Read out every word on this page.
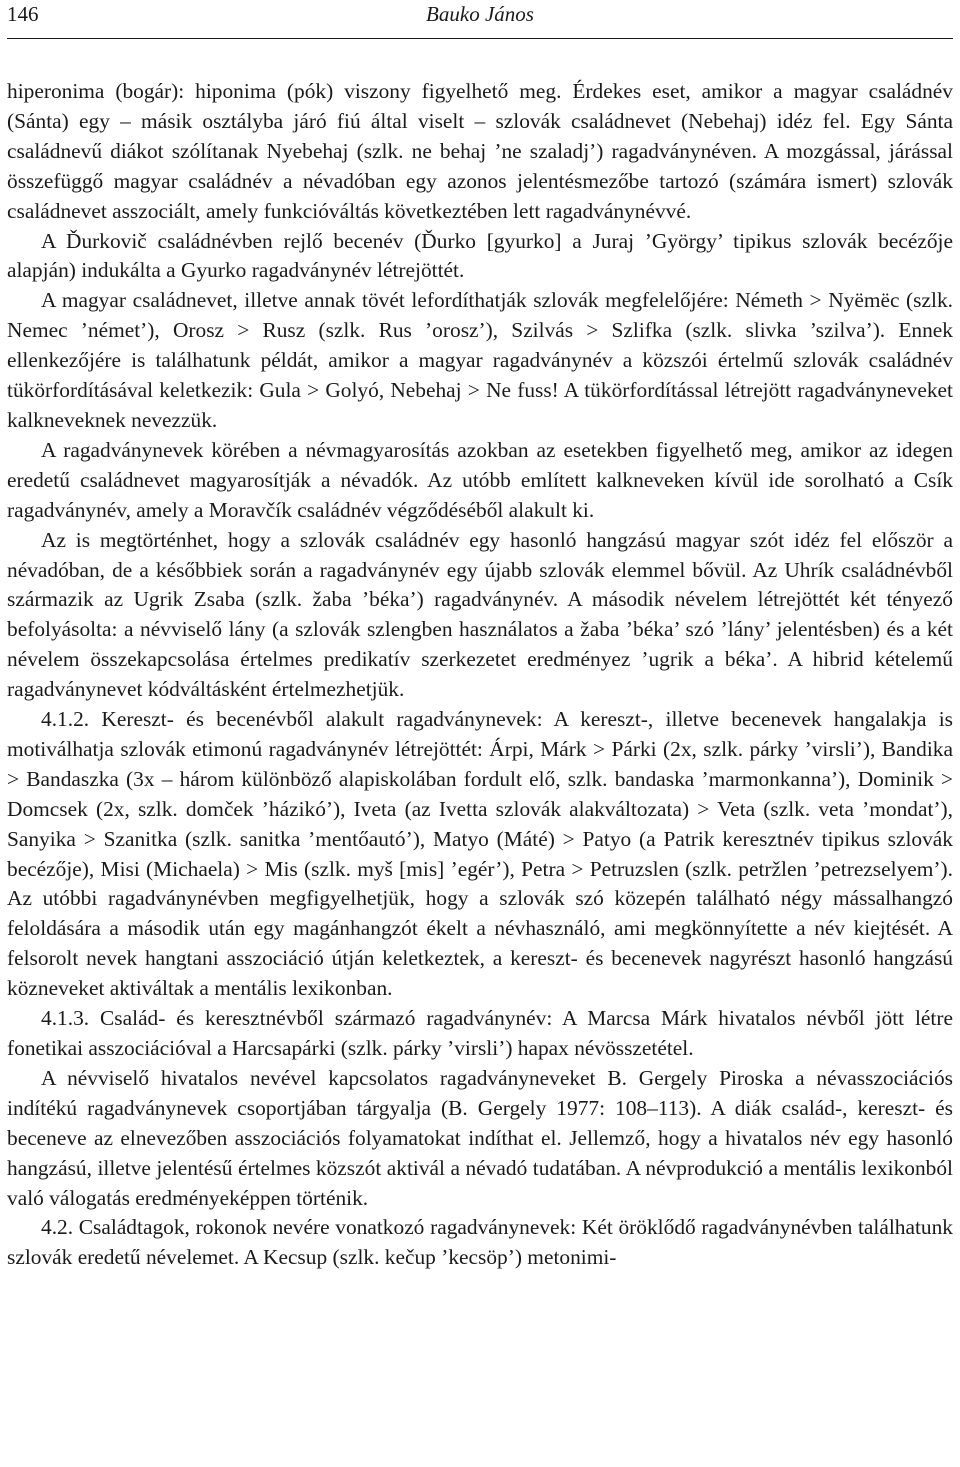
146	Bauko János

hiperonima (bogár): hiponima (pók) viszony figyelhető meg. Érdekes eset, amikor a magyar családnév (Sánta) egy – másik osztályba járó fiú által viselt – szlovák családnevet (Nebehaj) idéz fel. Egy Sánta családnevű diákot szólítanak Nyebehaj (szlk. ne behaj ’ne szaladj’) ragadványnéven. A mozgással, járással összefüggő magyar családnév a névadóban egy azonos jelentésmezőbe tartozó (számára ismert) szlovák családnevet asszociált, amely funkcióváltás következtében lett ragadványnévvé.

A Ďurkovič családnévben rejlő becenév (Ďurko [gyurko] a Juraj ’György’ tipikus szlovák becézője alapján) indukálta a Gyurko ragadványnév létrejöttét.

A magyar családnevet, illetve annak tövét lefordíthatják szlovák megfelelőjére: Németh > Nyëmëc (szlk. Nemec ’német’), Orosz > Rusz (szlk. Rus ’orosz’), Szilvás > Szlifka (szlk. slivka ’szilva’). Ennek ellenkezőjére is találhatunk példát, amikor a magyar ragadványnév a közszói értelmű szlovák családnév tükörfordításával keletkezik: Gula > Golyó, Nebehaj > Ne fuss! A tükörfordítással létrejött ragadványneveket kalkneveknek nevezzük.

A ragadványnevek körében a névmagyarosítás azokban az esetekben figyelhető meg, amikor az idegen eredetű családnevet magyarosítják a névadók. Az utóbb említett kalkneveken kívül ide sorolható a Csík ragadványnév, amely a Moravčík családnév végződéséből alakult ki.

Az is megtörténhet, hogy a szlovák családnév egy hasonló hangzású magyar szót idéz fel először a névadóban, de a későbbiek során a ragadványnév egy újabb szlovák elemmel bővül. Az Uhrík családnévből származik az Ugrik Zsaba (szlk. žaba ’béka’) ragadványnév. A második névelem létrejöttét két tényező befolyásolta: a névviselő lány (a szlovák szlengben használatos a žaba ’béka’ szó ’lány’ jelentésben) és a két névelem összekapcsolása értelmes predikatív szerkezetet eredményez ’ugrik a béka’. A hibrid kételemű ragadványnevet kódváltásként értelmezhetjük.

4.1.2. Kereszt- és becenévből alakult ragadványnevek: A kereszt-, illetve becenevek hangalakja is motiválhatja szlovák etimonú ragadványnév létrejöttét: Árpi, Márk > Párki (2x, szlk. párky ’virsli’), Bandika > Bandaszka (3x – három különböző alapiskolában fordult elő, szlk. bandaska ’marmonkanna’), Dominik > Domcsek (2x, szlk. domček ’házikó’), Iveta (az Ivetta szlovák alakváltozata) > Veta (szlk. veta ’mondat’), Sanyika > Szanitka (szlk. sanitka ’mentőautó’), Matyo (Máté) > Patyo (a Patrik keresztnév tipikus szlovák becézője), Misi (Michaela) > Mis (szlk. myš [mis] ’egér’), Petra > Petruzslen (szlk. petržlen ’petrezselyem’). Az utóbbi ragadványnévben megfigyelhetjük, hogy a szlovák szó közepén található négy mássalhangzó feloldására a második után egy magánhangzót ékelt a névhasználó, ami megkönnyítette a név kiejtését. A felsorolt nevek hangtani asszociáció útján keletkeztek, a kereszt- és becenevek nagyrészt hasonló hangzású közneveket aktiváltak a mentális lexikonban.

4.1.3. Család- és keresztnévből származó ragadványnév: A Marcsa Márk hivatalos névből jött létre fonetikai asszociációval a Harcsapárki (szlk. párky ’virsli’) hapax névösszetétel.

A névviselő hivatalos nevével kapcsolatos ragadványneveket B. Gergely Piroska a névasszociációs indítékú ragadványnevek csoportjában tárgyalja (B. Gergely 1977: 108–113). A diák család-, kereszt- és beceneve az elnevezőben asszociációs folyamatokat indíthat el. Jellemző, hogy a hivatalos név egy hasonló hangzású, illetve jelentésű értelmes közszót aktivál a névadó tudatában. A névprodukció a mentális lexikonból való válogatás eredményeképpen történik.

4.2. Családtagok, rokonok nevére vonatkozó ragadványnevek: Két öröklődő ragadványnévben találhatunk szlovák eredetű névelemet. A Kecsup (szlk. kečup ’kecsöp’) metonimi-
